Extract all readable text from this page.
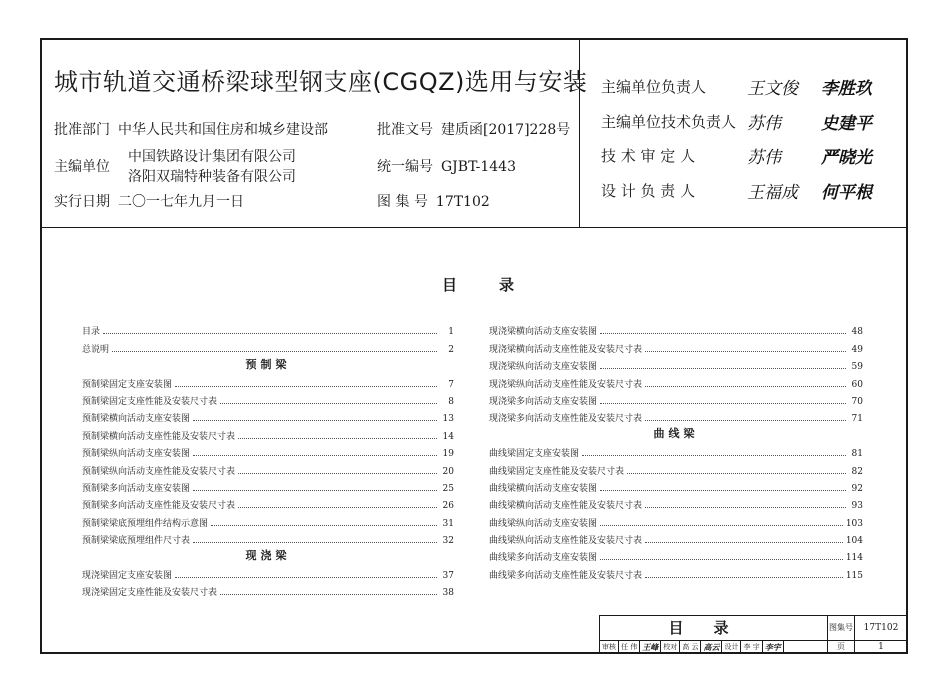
城市轨道交通桥梁球型钢支座(CGQZ)选用与安装
批准部门 中华人民共和国住房和城乡建设部	批准文号 建质函[2017]228号
主编单位
中国铁路设计集团有限公司
洛阳双瑞特种装备有限公司
统一编号 GJBT-1443
实行日期 二〇一七年九月一日	图 集 号 17T102
主编单位负责人 王文俊 李胜玖
主编单位技术负责人 苏伟 史建平
技 术 审 定 人	苏伟 严晓光
设 计 负 责 人	王福成 何平根
目录
目录	1
总说明	2
预制梁
预制梁固定支座安装图	7
预制梁固定支座性能及安装尺寸表	8
预制梁横向活动支座安装图	13
预制梁横向活动支座性能及安装尺寸表	14
预制梁纵向活动支座安装图	19
预制梁纵向活动支座性能及安装尺寸表	20
预制梁多向活动支座安装图	25
预制梁多向活动支座性能及安装尺寸表	26
预制梁梁底预埋组件结构示意图	31
预制梁梁底预埋组件尺寸表	32
现浇梁
现浇梁固定支座安装图	37
现浇梁固定支座性能及安装尺寸表	38
现浇梁横向活动支座安装图	48
现浇梁横向活动支座性能及安装尺寸表	49
现浇梁纵向活动支座安装图	59
现浇梁纵向活动支座性能及安装尺寸表	60
现浇梁多向活动支座安装图	70
现浇梁多向活动支座性能及安装尺寸表	71
曲线梁
曲线梁固定支座安装图	81
曲线梁固定支座性能及安装尺寸表	82
曲线梁横向活动支座安装图	92
曲线梁横向活动支座性能及安装尺寸表	93
曲线梁纵向活动支座安装图	103
曲线梁纵向活动支座性能及安装尺寸表	104
曲线梁多向活动支座安装图	114
曲线梁多向活动支座性能及安装尺寸表	115
目录	图集号	17T102
审核 任 伟 王峰 校对 高 云 高云 设计 李 宇 李宇	页	1
